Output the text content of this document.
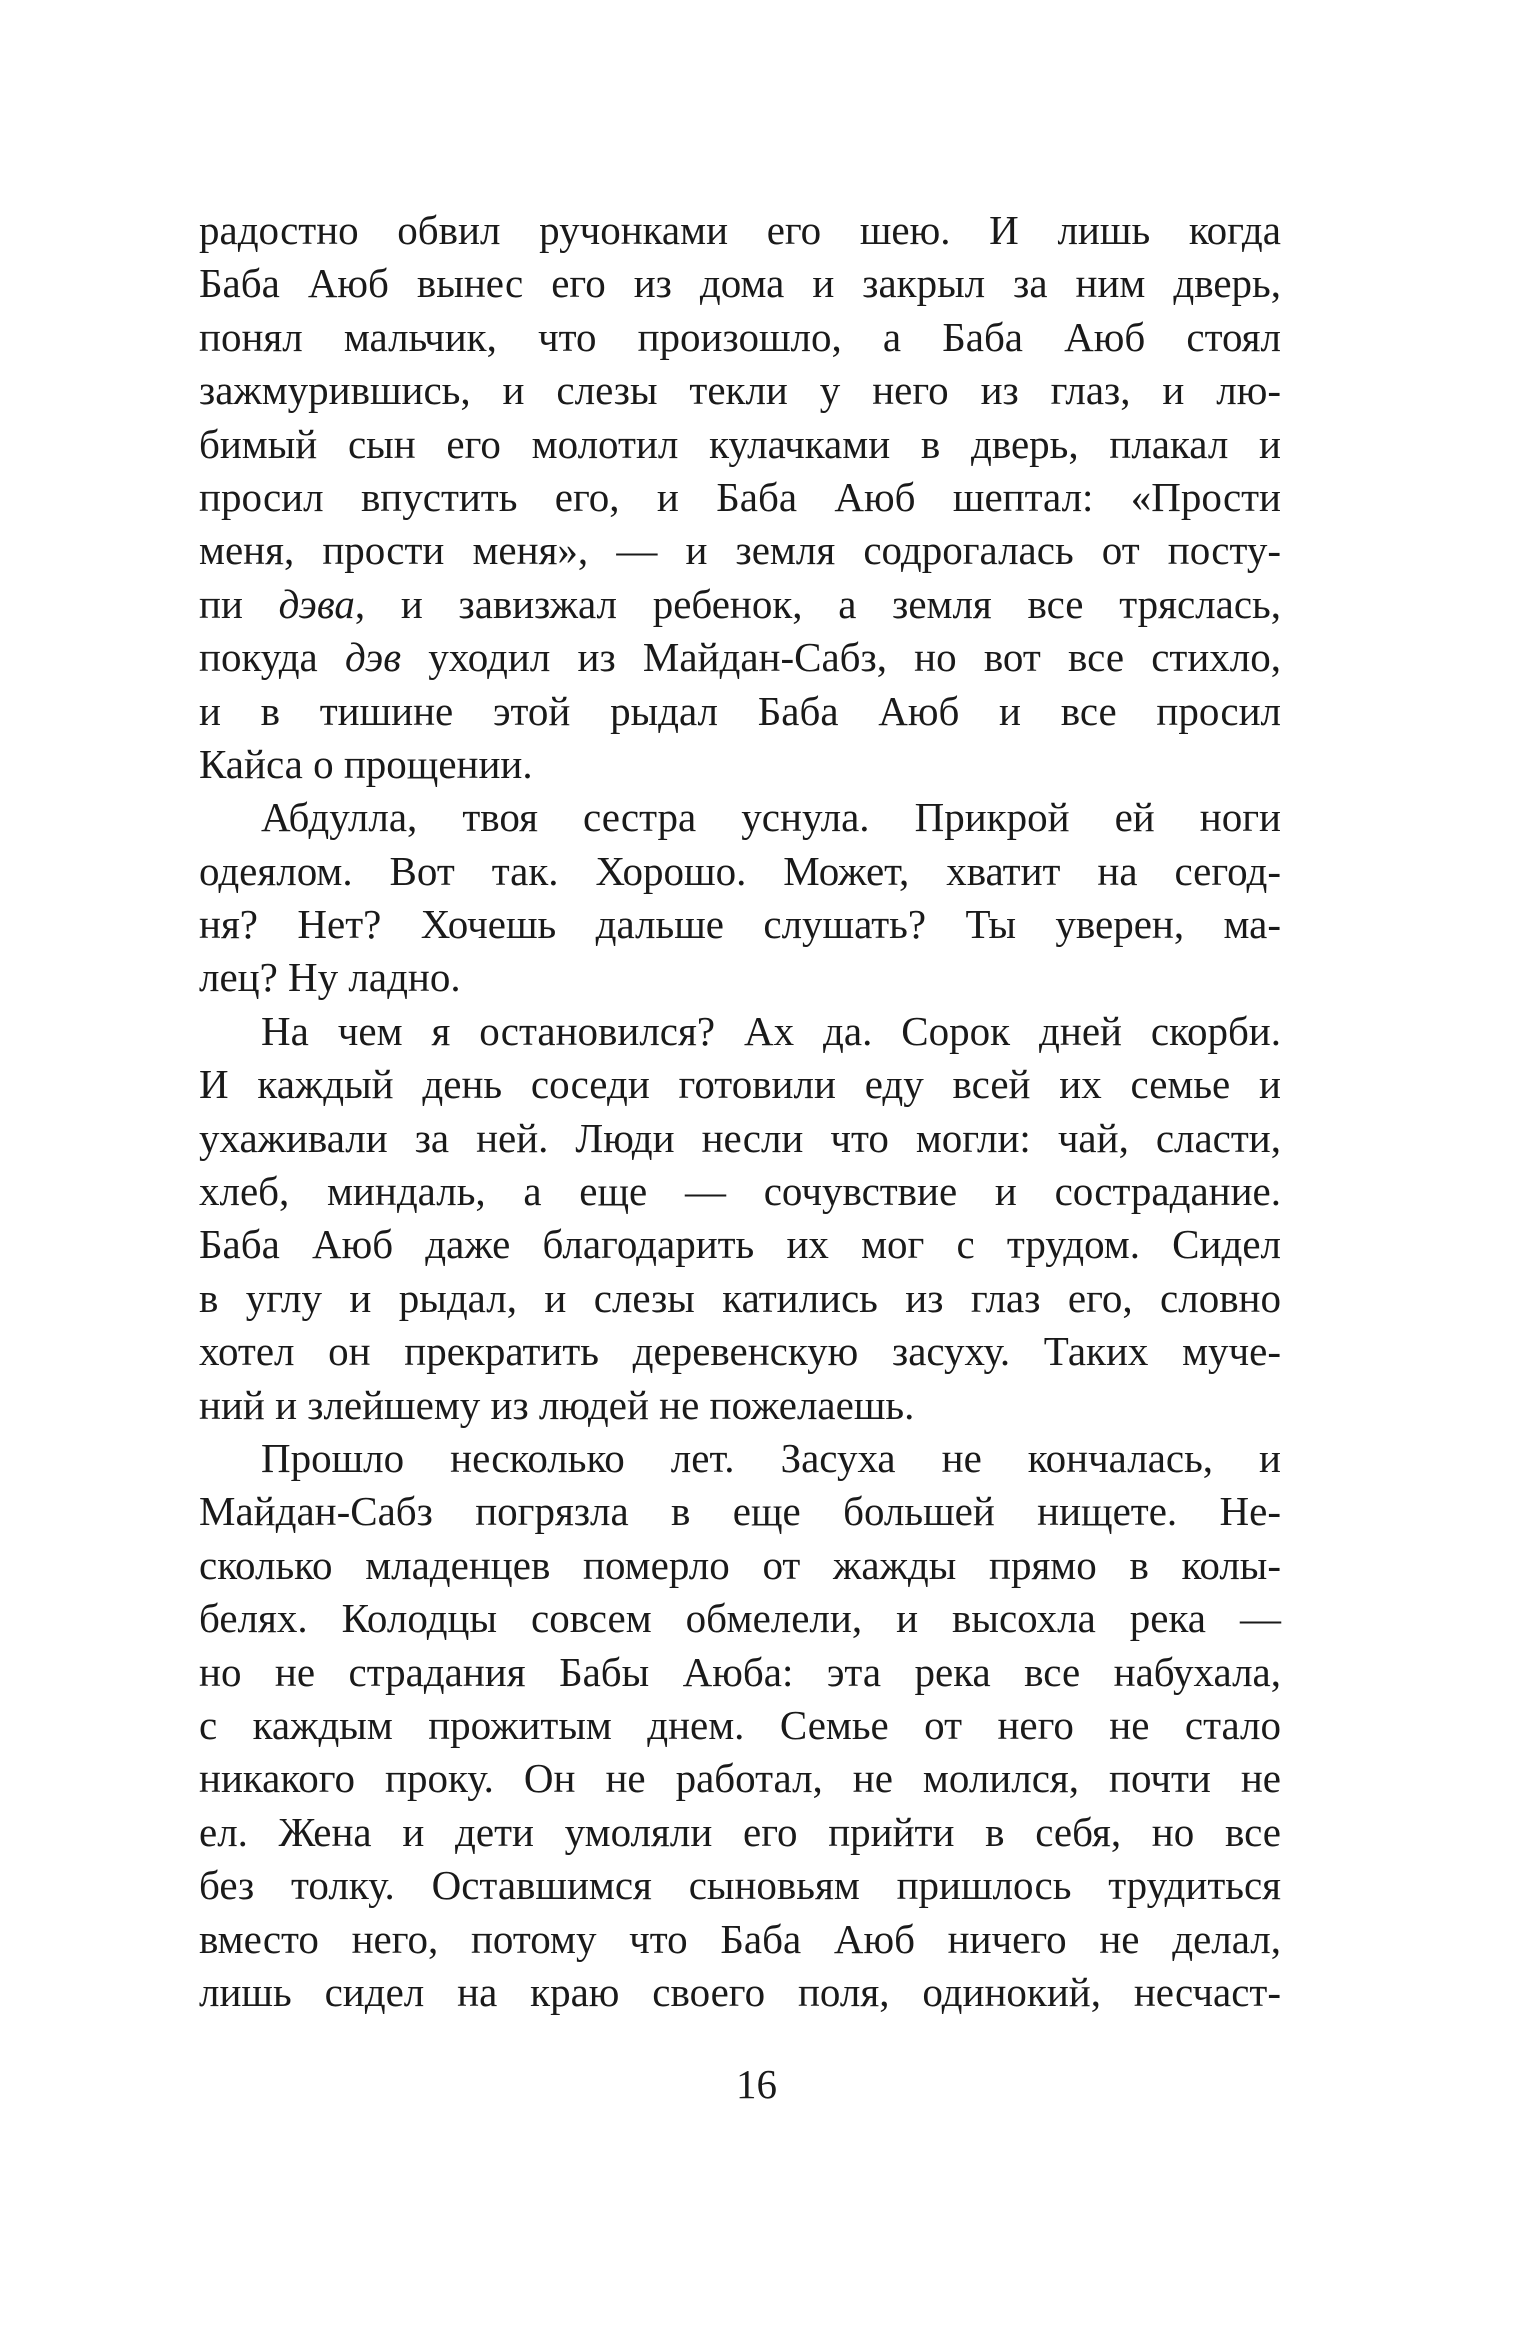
радостно обвил ручонками его шею. И лишь когда
Баба Аюб вынес его из дома и закрыл за ним дверь,
понял мальчик, что произошло, а Баба Аюб стоял
зажмурившись, и слезы текли у него из глаз, и лю-
бимый сын его молотил кулачками в дверь, плакал и
просил впустить его, и Баба Аюб шептал: «Прости
меня, прости меня», — и земля содрогалась от посту-
пи дэва, и завизжал ребенок, а земля все тряслась,
покуда дэв уходил из Майдан-Сабз, но вот все стихло,
и в тишине этой рыдал Баба Аюб и все просил
Кайса о прощении.
Абдулла, твоя сестра уснула. Прикрой ей ноги
одеялом. Вот так. Хорошо. Может, хватит на сегод-
ня? Нет? Хочешь дальше слушать? Ты уверен, ма-
лец? Ну ладно.
На чем я остановился? Ах да. Сорок дней скорби.
И каждый день соседи готовили еду всей их семье и
ухаживали за ней. Люди несли что могли: чай, сласти,
хлеб, миндаль, а еще — сочувствие и сострадание.
Баба Аюб даже благодарить их мог с трудом. Сидел
в углу и рыдал, и слезы катились из глаз его, словно
хотел он прекратить деревенскую засуху. Таких муче-
ний и злейшему из людей не пожелаешь.
Прошло несколько лет. Засуха не кончалась, и
Майдан-Сабз погрязла в еще большей нищете. Не-
сколько младенцев померло от жажды прямо в колы-
белях. Колодцы совсем обмелели, и высохла река —
но не страдания Бабы Аюба: эта река все набухала,
с каждым прожитым днем. Семье от него не стало
никакого проку. Он не работал, не молился, почти не
ел. Жена и дети умоляли его прийти в себя, но все
без толку. Оставшимся сыновьям пришлось трудиться
вместо него, потому что Баба Аюб ничего не делал,
лишь сидел на краю своего поля, одинокий, несчаст-
16
